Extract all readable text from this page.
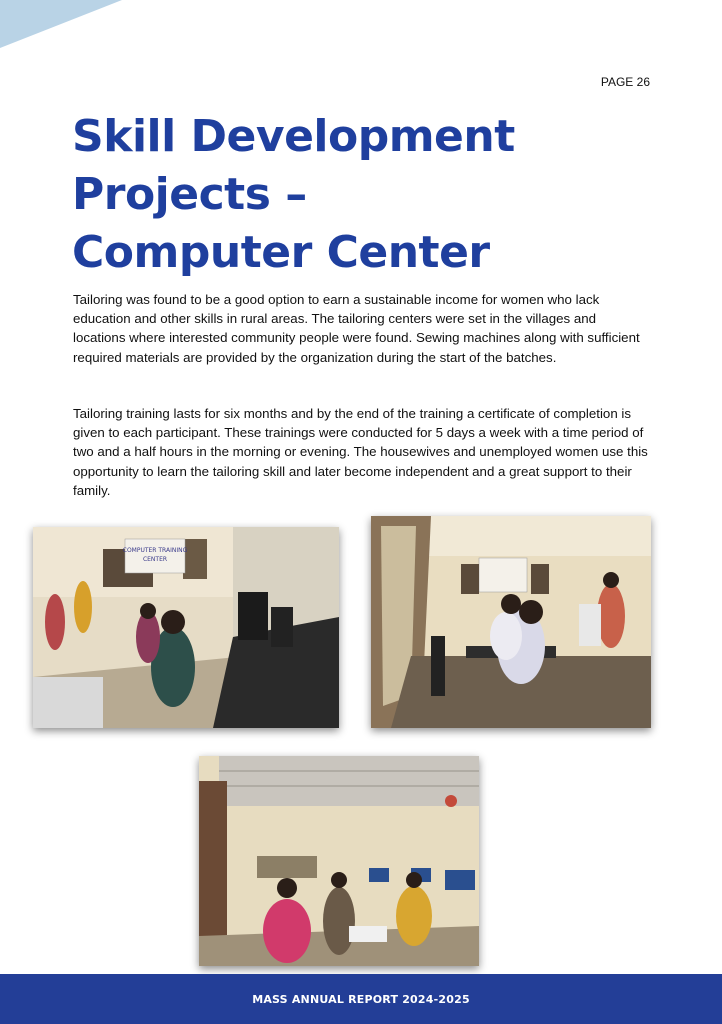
PAGE 26
Skill Development
Projects –
Computer Center

Tailoring was found to be a good option to earn a sustainable income for women who lack education and other skills in rural areas. The tailoring centers were set in the villages and locations where interested community people were found. Sewing machines along with sufficient required materials are provided by the organization during the start of the batches.

Tailoring training lasts for six months and by the end of the training a certificate of completion is given to each participant. These trainings were conducted for 5 days a week with a time period of two and a half hours in the morning or evening. The housewives and unemployed women use this opportunity to learn the tailoring skill and later become independent and a great support to their family.

COMPUTER TRAINING
CENTER
MASS ANNUAL REPORT 2024-2025
